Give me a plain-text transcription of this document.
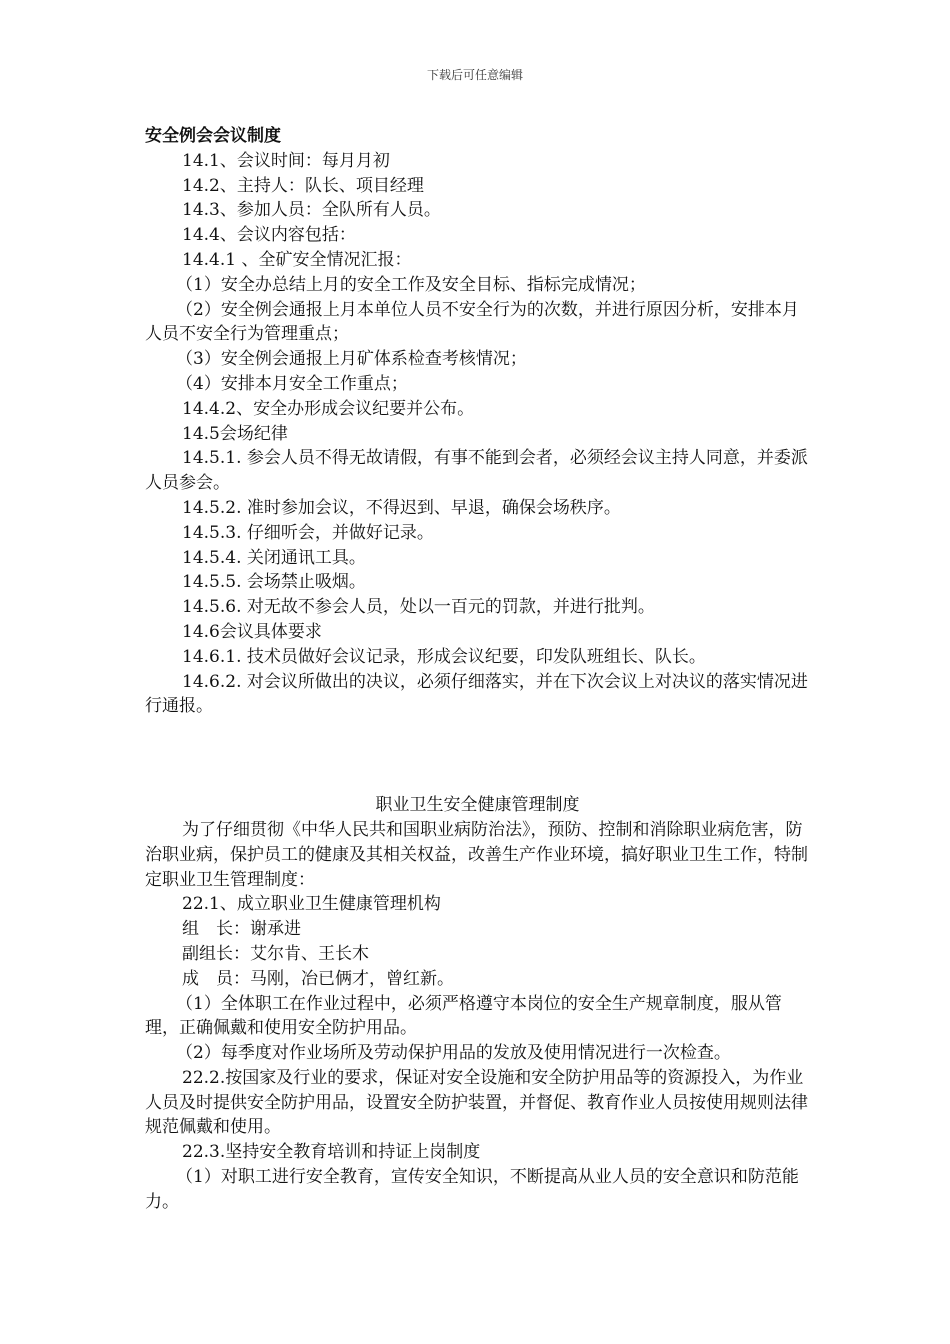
下载后可任意编辑

安全例会会议制度

14.1、会议时间：每月月初

14.2、主持人：队长、项目经理

14.3、参加人员：全队所有人员。

14.4、会议内容包括：

14.4.1 、全矿安全情况汇报：

（1）安全办总结上月的安全工作及安全目标、指标完成情况；

（2）安全例会通报上月本单位人员不安全行为的次数，并进行原因分析，安排本月人员不安全行为管理重点；

（3）安全例会通报上月矿体系检查考核情况；

（4）安排本月安全工作重点；

14.4.2、安全办形成会议纪要并公布。

14.5会场纪律

14.5.1. 参会人员不得无故请假，有事不能到会者，必须经会议主持人同意，并委派人员参会。

14.5.2. 准时参加会议，不得迟到、早退，确保会场秩序。

14.5.3. 仔细听会，并做好记录。

14.5.4. 关闭通讯工具。

14.5.5. 会场禁止吸烟。

14.5.6. 对无故不参会人员，处以一百元的罚款，并进行批判。

14.6会议具体要求

14.6.1. 技术员做好会议记录，形成会议纪要，印发队班组长、队长。

14.6.2. 对会议所做出的决议，必须仔细落实，并在下次会议上对决议的落实情况进行通报。

职业卫生安全健康管理制度

为了仔细贯彻《中华人民共和国职业病防治法》，预防、控制和消除职业病危害，防治职业病，保护员工的健康及其相关权益，改善生产作业环境，搞好职业卫生工作，特制定职业卫生管理制度：

22.1、成立职业卫生健康管理机构

组　长：谢承进

副组长：艾尔肯、王长木

成　员：马刚，冶已俩才，曾红新。

（1）全体职工在作业过程中，必须严格遵守本岗位的安全生产规章制度，服从管理，正确佩戴和使用安全防护用品。

（2）每季度对作业场所及劳动保护用品的发放及使用情况进行一次检查。

22.2.按国家及行业的要求，保证对安全设施和安全防护用品等的资源投入，为作业人员及时提供安全防护用品，设置安全防护装置，并督促、教育作业人员按使用规则法律规范佩戴和使用。

22.3.坚持安全教育培训和持证上岗制度

（1）对职工进行安全教育，宣传安全知识，不断提高从业人员的安全意识和防范能力。
